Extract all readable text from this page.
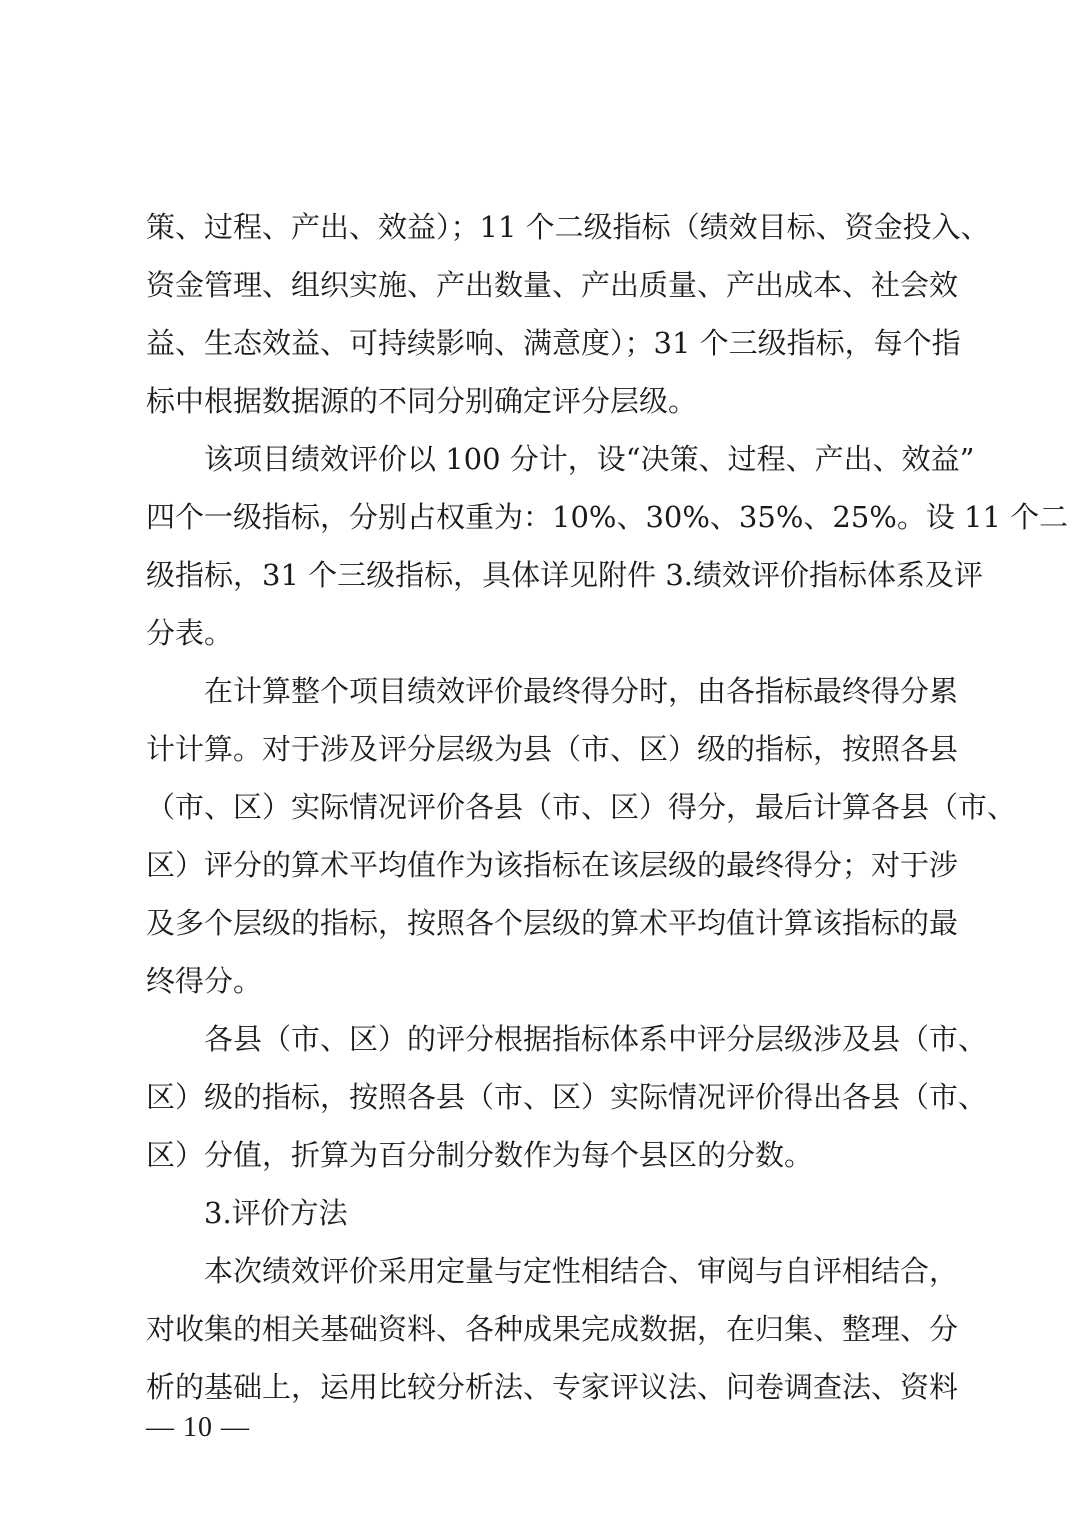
策、过程、产出、效益）；11 个二级指标（绩效目标、资金投入、
资金管理、组织实施、产出数量、产出质量、产出成本、社会效
益、生态效益、可持续影响、满意度）；31 个三级指标，每个指
标中根据数据源的不同分别确定评分层级。
该项目绩效评价以 100 分计，设“决策、过程、产出、效益”
四个一级指标，分别占权重为：10%、30%、35%、25%。设 11 个二
级指标，31 个三级指标，具体详见附件 3.绩效评价指标体系及评
分表。
在计算整个项目绩效评价最终得分时，由各指标最终得分累
计计算。对于涉及评分层级为县（市、区）级的指标，按照各县
（市、区）实际情况评价各县（市、区）得分，最后计算各县（市、
区）评分的算术平均值作为该指标在该层级的最终得分；对于涉
及多个层级的指标，按照各个层级的算术平均值计算该指标的最
终得分。
各县（市、区）的评分根据指标体系中评分层级涉及县（市、
区）级的指标，按照各县（市、区）实际情况评价得出各县（市、
区）分值，折算为百分制分数作为每个县区的分数。
3.评价方法
本次绩效评价采用定量与定性相结合、审阅与自评相结合，
对收集的相关基础资料、各种成果完成数据，在归集、整理、分
析的基础上，运用比较分析法、专家评议法、问卷调查法、资料
— 10 —
